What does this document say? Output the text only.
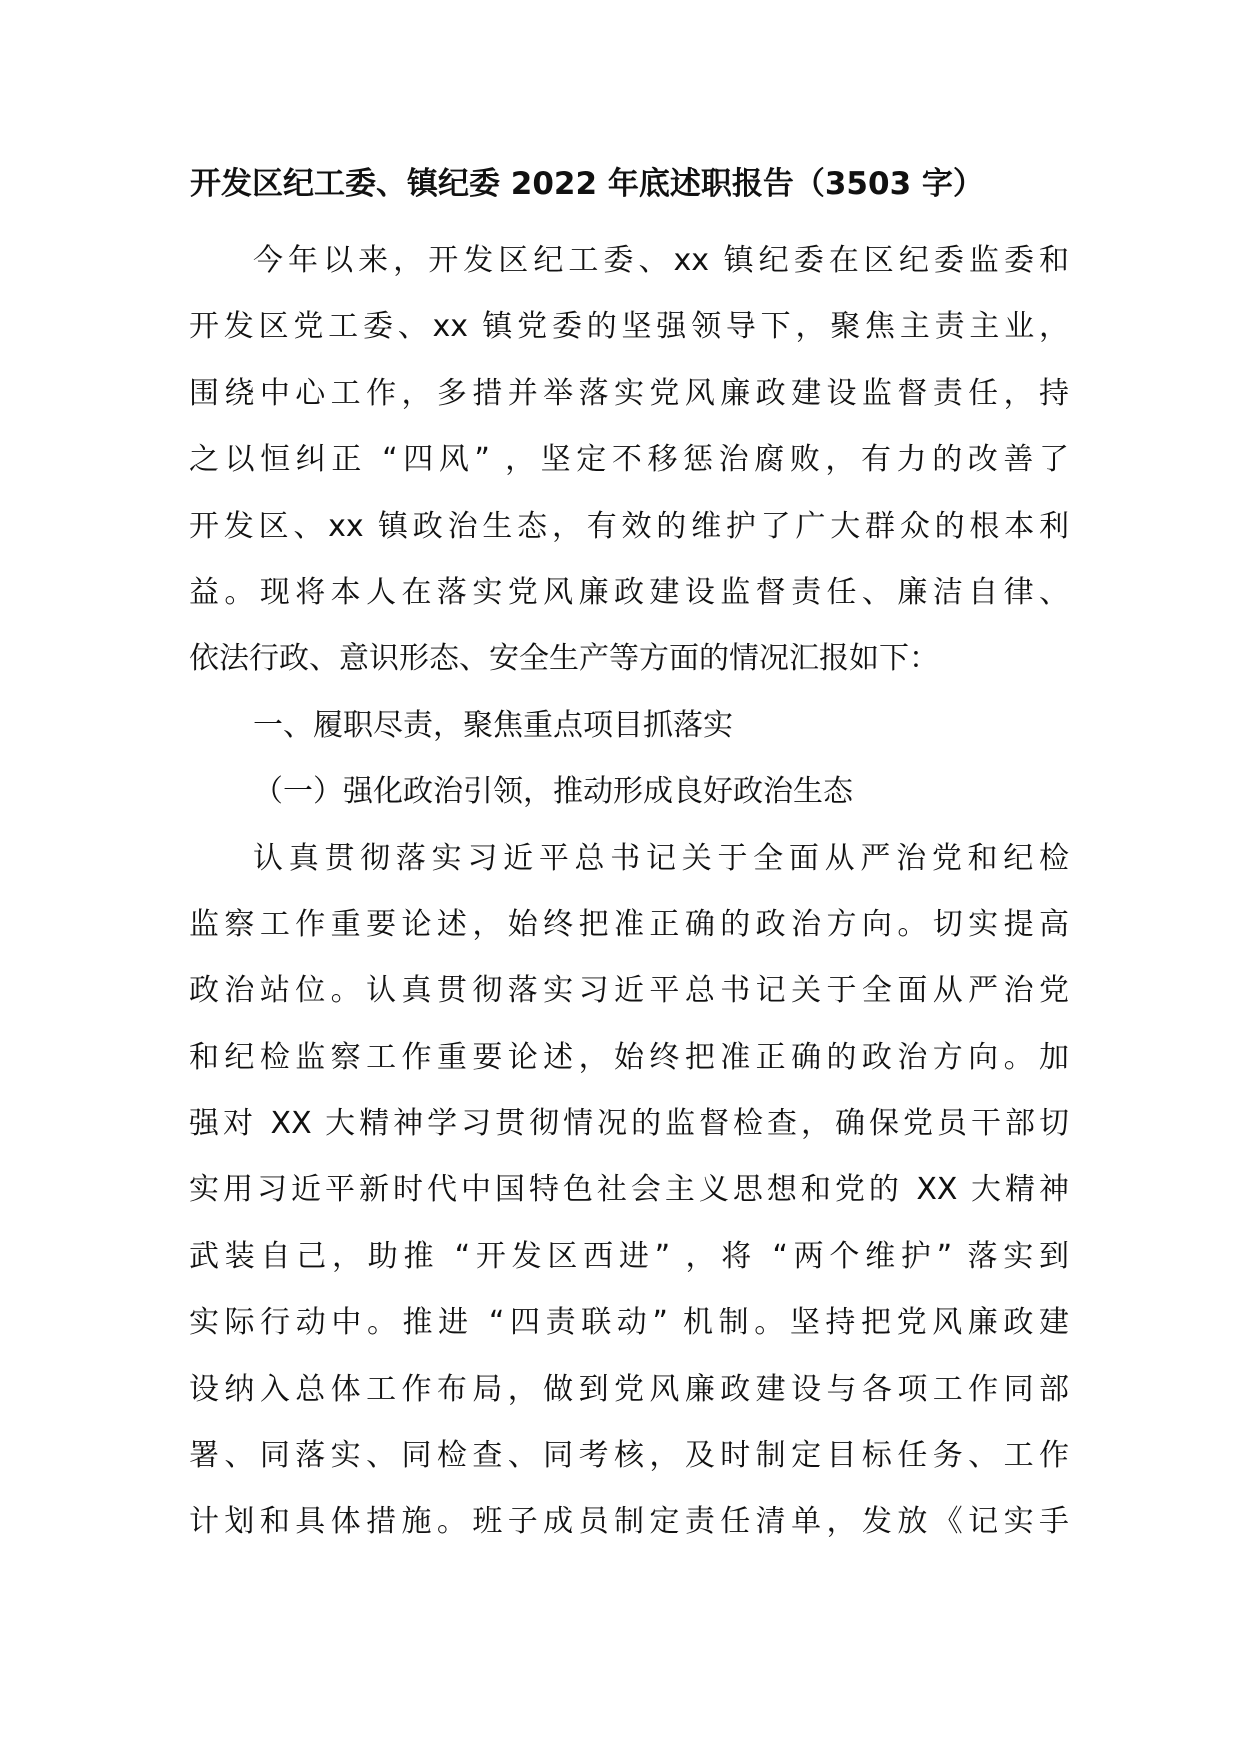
开发区纪工委、镇纪委 2022 年底述职报告（3503 字）
今年以来，开发区纪工委、xx 镇纪委在区纪委监委和
开发区党工委、xx 镇党委的坚强领导下，聚焦主责主业，
围绕中心工作，多措并举落实党风廉政建设监督责任，持
之以恒纠正 “四风” ，坚定不移惩治腐败，有力的改善了
开发区、xx 镇政治生态，有效的维护了广大群众的根本利
益。现将本人在落实党风廉政建设监督责任、廉洁自律、
依法行政、意识形态、安全生产等方面的情况汇报如下：
一、履职尽责，聚焦重点项目抓落实
（一）强化政治引领，推动形成良好政治生态
认真贯彻落实习近平总书记关于全面从严治党和纪检
监察工作重要论述，始终把准正确的政治方向。切实提高
政治站位。认真贯彻落实习近平总书记关于全面从严治党
和纪检监察工作重要论述，始终把准正确的政治方向。加
强对 XX 大精神学习贯彻情况的监督检查，确保党员干部切
实用习近平新时代中国特色社会主义思想和党的 XX 大精神
武装自己，助推 “开发区西进” ，将 “两个维护” 落实到
实际行动中。推进 “四责联动” 机制。坚持把党风廉政建
设纳入总体工作布局，做到党风廉政建设与各项工作同部
署、同落实、同检查、同考核，及时制定目标任务、工作
计划和具体措施。班子成员制定责任清单，发放《记实手
